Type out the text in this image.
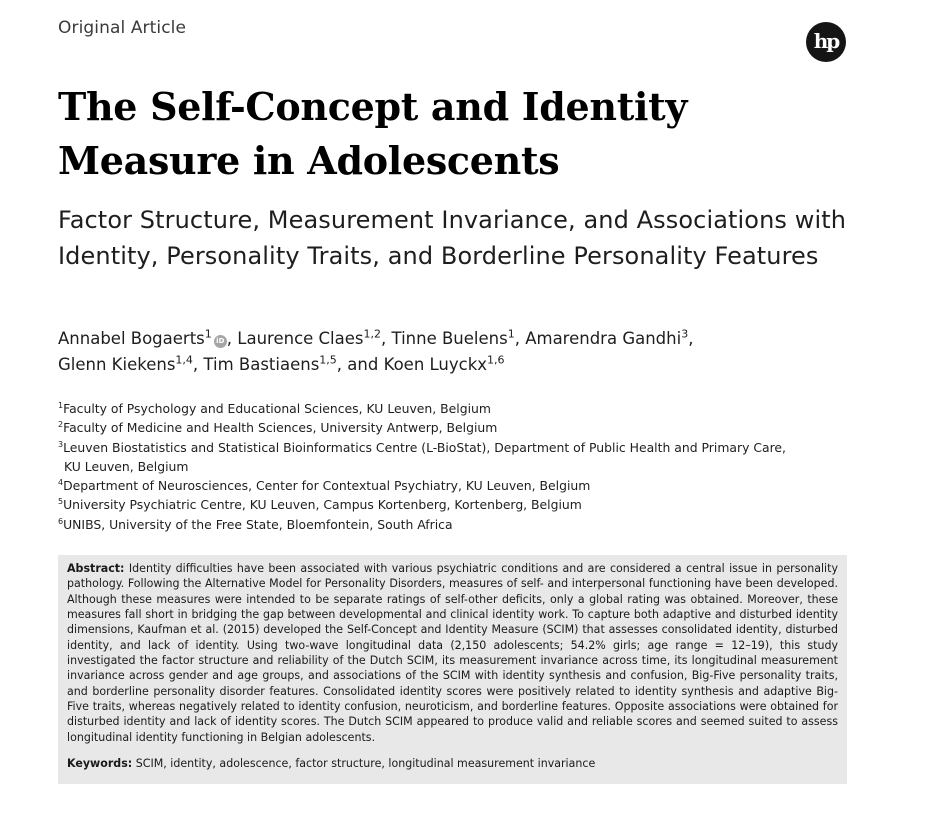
Original Article
hp
The Self-Concept and Identity Measure in Adolescents
Factor Structure, Measurement Invariance, and Associations with Identity, Personality Traits, and Borderline Personality Features
Annabel Bogaerts$^1$iD , Laurence Claes$^{1,2}$, Tinne Buelens$^1$, Amarendra Gandhi$^3$,
Glenn Kiekens$^{1,4}$, Tim Bastiaens$^{1,5}$, and Koen Luyckx$^{1,6}$
$^1$Faculty of Psychology and Educational Sciences, KU Leuven, Belgium
$^2$Faculty of Medicine and Health Sciences, University Antwerp, Belgium
$^3$Leuven Biostatistics and Statistical Bioinformatics Centre (L-BioStat), Department of Public Health and Primary Care,
KU Leuven, Belgium
$^4$Department of Neurosciences, Center for Contextual Psychiatry, KU Leuven, Belgium
$^5$University Psychiatric Centre, KU Leuven, Campus Kortenberg, Kortenberg, Belgium
$^6$UNIBS, University of the Free State, Bloemfontein, South Africa

Abstract: Identity difficulties have been associated with various psychiatric conditions and are considered a central issue in personality pathology. Following the Alternative Model for Personality Disorders, measures of self- and interpersonal functioning have been developed. Although these measures were intended to be separate ratings of self-other deficits, only a global rating was obtained. Moreover, these measures fall short in bridging the gap between developmental and clinical identity work. To capture both adaptive and disturbed identity dimensions, Kaufman et al. (2015) developed the Self-Concept and Identity Measure (SCIM) that assesses consolidated identity, disturbed identity, and lack of identity. Using two-wave longitudinal data (2,150 adolescents; 54.2% girls; age range = 12–19), this study investigated the factor structure and reliability of the Dutch SCIM, its measurement invariance across time, its longitudinal measurement invariance across gender and age groups, and associations of the SCIM with identity synthesis and confusion, Big-Five personality traits, and borderline personality disorder features. Consolidated identity scores were positively related to identity synthesis and adaptive Big-Five traits, whereas negatively related to identity confusion, neuroticism, and borderline features. Opposite associations were obtained for disturbed identity and lack of identity scores. The Dutch SCIM appeared to produce valid and reliable scores and seemed suited to assess longitudinal identity functioning in Belgian adolescents.

Keywords: SCIM, identity, adolescence, factor structure, longitudinal measurement invariance
